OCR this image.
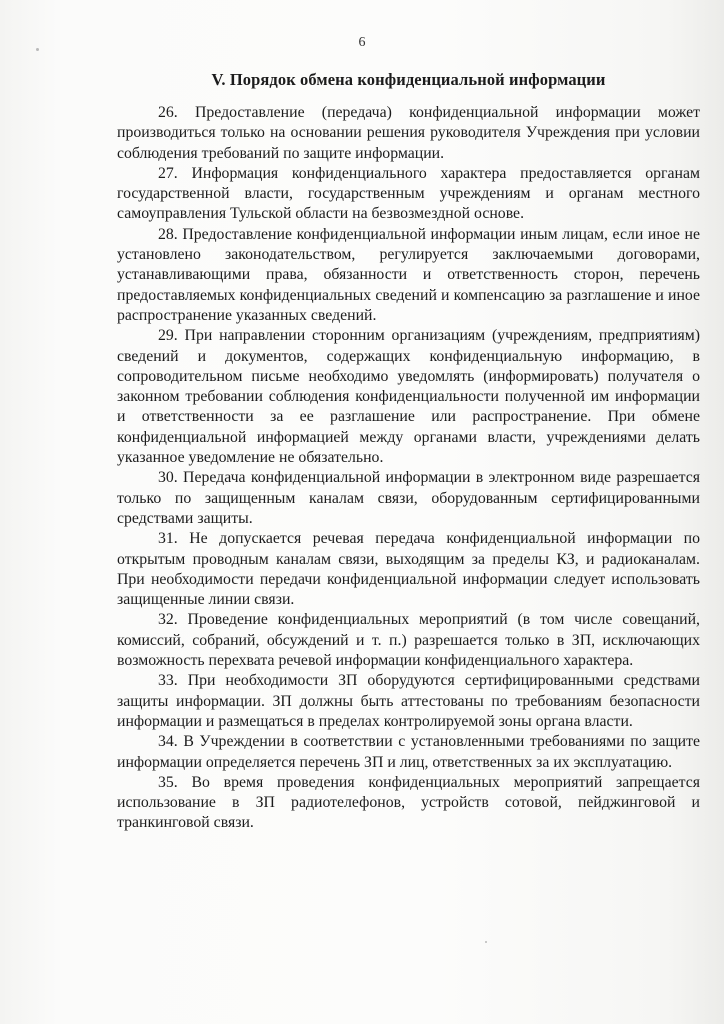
6
V. Порядок обмена конфиденциальной информации

26. Предоставление (передача) конфиденциальной информации может производиться только на основании решения руководителя Учреждения при условии соблюдения требований по защите информации.

27. Информация конфиденциального характера предоставляется органам государственной власти, государственным учреждениям и органам местного самоуправления Тульской области на безвозмездной основе.

28. Предоставление конфиденциальной информации иным лицам, если иное не установлено законодательством, регулируется заключаемыми договорами, устанавливающими права, обязанности и ответственность сторон, перечень предоставляемых конфиденциальных сведений и компенсацию за разглашение и иное распространение указанных сведений.

29. При направлении сторонним организациям (учреждениям, предприятиям) сведений и документов, содержащих конфиденциальную информацию, в сопроводительном письме необходимо уведомлять (информировать) получателя о законном требовании соблюдения конфиденциальности полученной им информации и ответственности за ее разглашение или распространение. При обмене конфиденциальной информацией между органами власти, учреждениями делать указанное уведомление не обязательно.

30. Передача конфиденциальной информации в электронном виде разрешается только по защищенным каналам связи, оборудованным сертифицированными средствами защиты.

31. Не допускается речевая передача конфиденциальной информации по открытым проводным каналам связи, выходящим за пределы КЗ, и радиоканалам. При необходимости передачи конфиденциальной информации следует использовать защищенные линии связи.

32. Проведение конфиденциальных мероприятий (в том числе совещаний, комиссий, собраний, обсуждений и т. п.) разрешается только в ЗП, исключающих возможность перехвата речевой информации конфиденциального характера.

33. При необходимости ЗП оборудуются сертифицированными средствами защиты информации. ЗП должны быть аттестованы по требованиям безопасности информации и размещаться в пределах контролируемой зоны органа власти.

34. В Учреждении в соответствии с установленными требованиями по защите информации определяется перечень ЗП и лиц, ответственных за их эксплуатацию.

35. Во время проведения конфиденциальных мероприятий запрещается использование в ЗП радиотелефонов, устройств сотовой, пейджинговой и транкинговой связи.
